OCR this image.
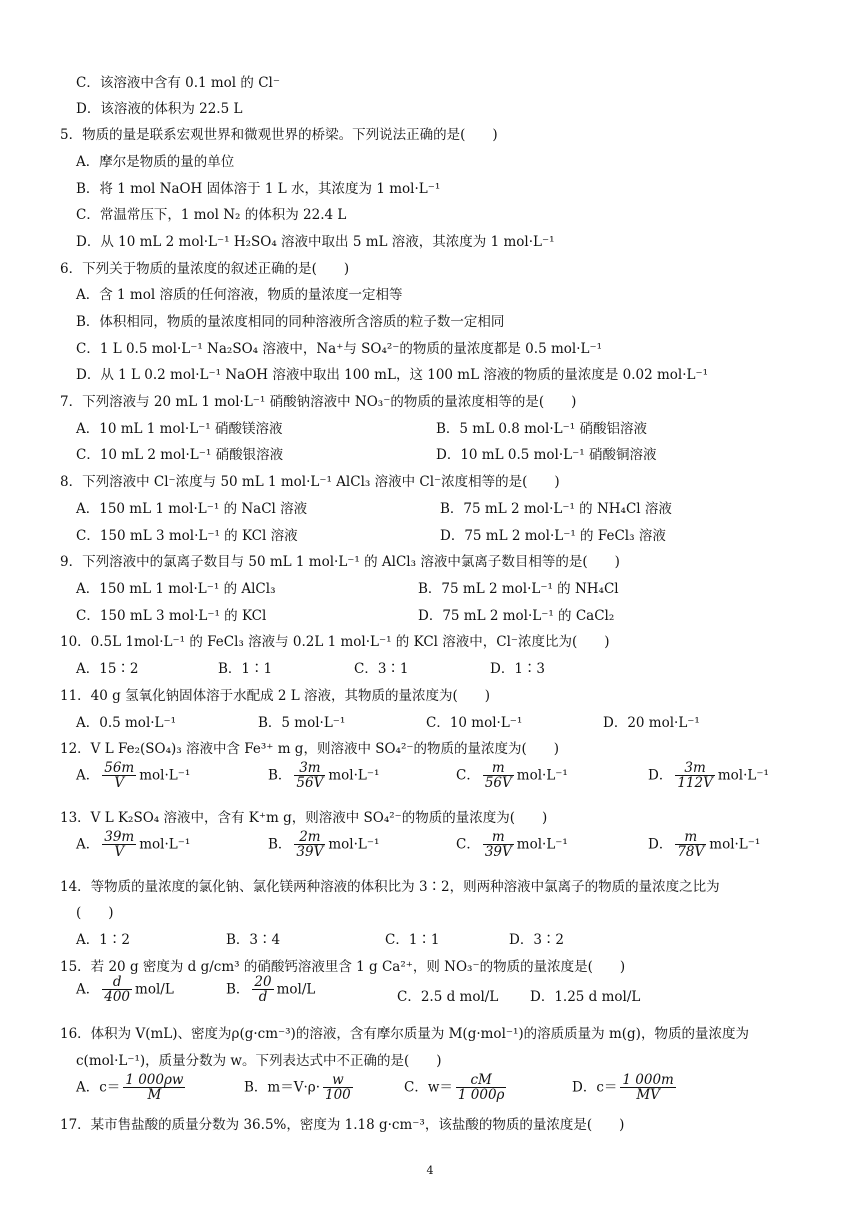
C．该溶液中含有 0.1 mol 的 Cl⁻
D．该溶液的体积为 22.5 L
5．物质的量是联系宏观世界和微观世界的桥梁。下列说法正确的是(　　)
A．摩尔是物质的量的单位
B．将 1 mol NaOH 固体溶于 1 L 水，其浓度为 1 mol·L⁻¹
C．常温常压下，1 mol N₂ 的体积为 22.4 L
D．从 10 mL 2 mol·L⁻¹ H₂SO₄ 溶液中取出 5 mL 溶液，其浓度为 1 mol·L⁻¹
6．下列关于物质的量浓度的叙述正确的是(　　)
A．含 1 mol 溶质的任何溶液，物质的量浓度一定相等
B．体积相同，物质的量浓度相同的同种溶液所含溶质的粒子数一定相同
C．1 L 0.5 mol·L⁻¹ Na₂SO₄ 溶液中，Na⁺与 SO₄²⁻的物质的量浓度都是 0.5 mol·L⁻¹
D．从 1 L 0.2 mol·L⁻¹ NaOH 溶液中取出 100 mL，这 100 mL 溶液的物质的量浓度是 0.02 mol·L⁻¹
7．下列溶液与 20 mL 1 mol·L⁻¹ 硝酸钠溶液中 NO₃⁻的物质的量浓度相等的是(　　)
A．10 mL 1 mol·L⁻¹ 硝酸镁溶液	B．5 mL 0.8 mol·L⁻¹ 硝酸铝溶液
C．10 mL 2 mol·L⁻¹ 硝酸银溶液	D．10 mL 0.5 mol·L⁻¹ 硝酸铜溶液
8．下列溶液中 Cl⁻浓度与 50 mL 1 mol·L⁻¹ AlCl₃ 溶液中 Cl⁻浓度相等的是(　　)
A．150 mL 1 mol·L⁻¹ 的 NaCl 溶液	B．75 mL 2 mol·L⁻¹ 的 NH₄Cl 溶液
C．150 mL 3 mol·L⁻¹ 的 KCl 溶液	D．75 mL 2 mol·L⁻¹ 的 FeCl₃ 溶液
9．下列溶液中的氯离子数目与 50 mL 1 mol·L⁻¹ 的 AlCl₃ 溶液中氯离子数目相等的是(　　)
A．150 mL 1 mol·L⁻¹ 的 AlCl₃	B．75 mL 2 mol·L⁻¹ 的 NH₄Cl
C．150 mL 3 mol·L⁻¹ 的 KCl	D．75 mL 2 mol·L⁻¹ 的 CaCl₂
10．0.5L 1mol·L⁻¹ 的 FeCl₃ 溶液与 0.2L 1 mol·L⁻¹ 的 KCl 溶液中，Cl⁻浓度比为(　　)
A．15∶2	B．1∶1	C．3∶1	D．1∶3
11．40 g 氢氧化钠固体溶于水配成 2 L 溶液，其物质的量浓度为(　　)
A．0.5 mol·L⁻¹	B．5 mol·L⁻¹	C．10 mol·L⁻¹	D．20 mol·L⁻¹
12．V L Fe₂(SO₄)₃ 溶液中含 Fe³⁺ m g，则溶液中 SO₄²⁻的物质的量浓度为(　　)
13．V L K₂SO₄ 溶液中，含有 K⁺m g，则溶液中 SO₄²⁻的物质的量浓度为(　　)
14．等物质的量浓度的氯化钠、氯化镁两种溶液的体积比为 3∶2，则两种溶液中氯离子的物质的量浓度之比为
(　　)
A．1∶2	B．3∶4	C．1∶1	D．3∶2
15．若 20 g 密度为 d g/cm³ 的硝酸钙溶液里含 1 g Ca²⁺，则 NO₃⁻的物质的量浓度是(　　)
C．2.5 d mol/L D．1.25 d mol/L
16．体积为 V(mL)、密度为ρ(g·cm⁻³)的溶液，含有摩尔质量为 M(g·mol⁻¹)的溶质质量为 m(g)，物质的量浓度为
c(mol·L⁻¹)，质量分数为 w。下列表达式中不正确的是(　　)
17．某市售盐酸的质量分数为 36.5%，密度为 1.18 g·cm⁻³，该盐酸的物质的量浓度是(　　)
A． $\frac{56m}{V} mol\cdot L^{-1}$	B． $\frac{3m}{56V} mol\cdot L^{-1}$	C． $\frac{m}{56V} mol\cdot L^{-1}$	D． $\frac{3m}{112V} mol\cdot L^{-1}$
A． $\frac{39m}{V} mol\cdot L^{-1}$	B． $\frac{2m}{39V} mol\cdot L^{-1}$	C． $\frac{m}{39V} mol\cdot L^{-1}$	D． $\frac{m}{78V} mol\cdot L^{-1}$
A． $\frac{d}{400} mol/L$	B． $\frac{20}{d} mol/L$
A．$c= \frac{1 000\rho w}{M}$	B．$m=V\cdot\rho\cdot \frac{w}{100}$	C．$w= \frac{cM}{1 000\rho}$	D．$c= \frac{1 000m}{MV}$
4
